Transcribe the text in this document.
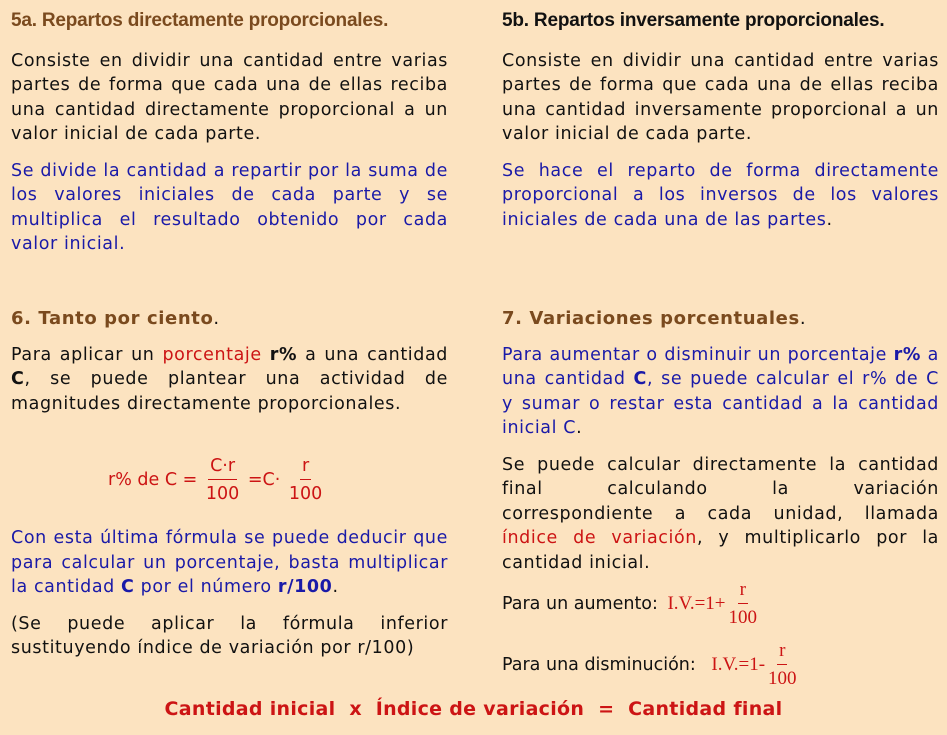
5a. Repartos directamente proporcionales.

Consiste en dividir una cantidad entre varias partes de forma que cada una de ellas reciba una cantidad directamente proporcional a un valor inicial de cada parte.

Se divide la cantidad a repartir por la suma de los valores iniciales de cada parte y se multiplica el resultado obtenido por cada valor inicial.

5b. Repartos inversamente proporcionales.

Consiste en dividir una cantidad entre varias partes de forma que cada una de ellas reciba una cantidad inversamente proporcional a un valor inicial de cada parte.

Se hace el reparto de forma directamente proporcional a los inversos de los valores iniciales de cada una de las partes.

6. Tanto por ciento.

Para aplicar un porcentaje r% a una cantidad C, se puede plantear una actividad de magnitudes directamente proporcionales.

r% de $C = \frac{C\cdot r}{100} =C\cdot \frac{r}{100}$

Con esta última fórmula se puede deducir que para calcular un porcentaje, basta multiplicar la cantidad C por el número r/100.

(Se puede aplicar la fórmula inferior sustituyendo índice de variación por r/100)

7. Variaciones porcentuales.

Para aumentar o disminuir un porcentaje r% a una cantidad C, se puede calcular el r% de C y sumar o restar esta cantidad a la cantidad inicial C.

Se puede calcular directamente la cantidad
final calculando la variación
correspondiente a cada unidad, llamada índice de variación, y multiplicarlo por la cantidad inicial.

Para un aumento: $I.V.=1+ \frac{r}{100}$
Para una disminución: $I.V.=1- \frac{r}{100}$
Cantidad inicial  x  Índice de variación  =  Cantidad final
